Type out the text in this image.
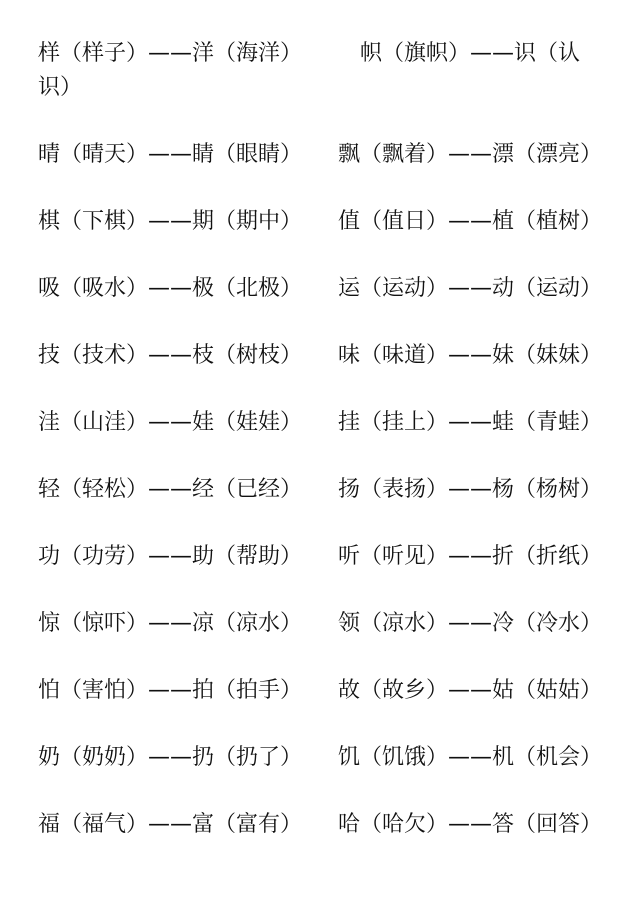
样（样子）——洋（海洋）	帜（旗帜）——识（认
识）
晴（晴天）——睛（眼睛） 飘（飘着）——漂（漂亮）
棋（下棋）——期（期中） 值（值日）——植（植树）
吸（吸水）——极（北极） 运（运动）——动（运动）
技（技术）——枝（树枝） 味（味道）——妹（妹妹）
洼（山洼）——娃（娃娃） 挂（挂上）——蛙（青蛙）
轻（轻松）——经（已经） 扬（表扬）——杨（杨树）
功（功劳）——助（帮助） 听（听见）——折（折纸）
惊（惊吓）——凉（凉水） 领（凉水）——冷（冷水）
怕（害怕）——拍（拍手） 故（故乡）——姑（姑姑）
奶（奶奶）——扔（扔了） 饥（饥饿）——机（机会）
福（福气）——富（富有） 哈（哈欠）——答（回答）
